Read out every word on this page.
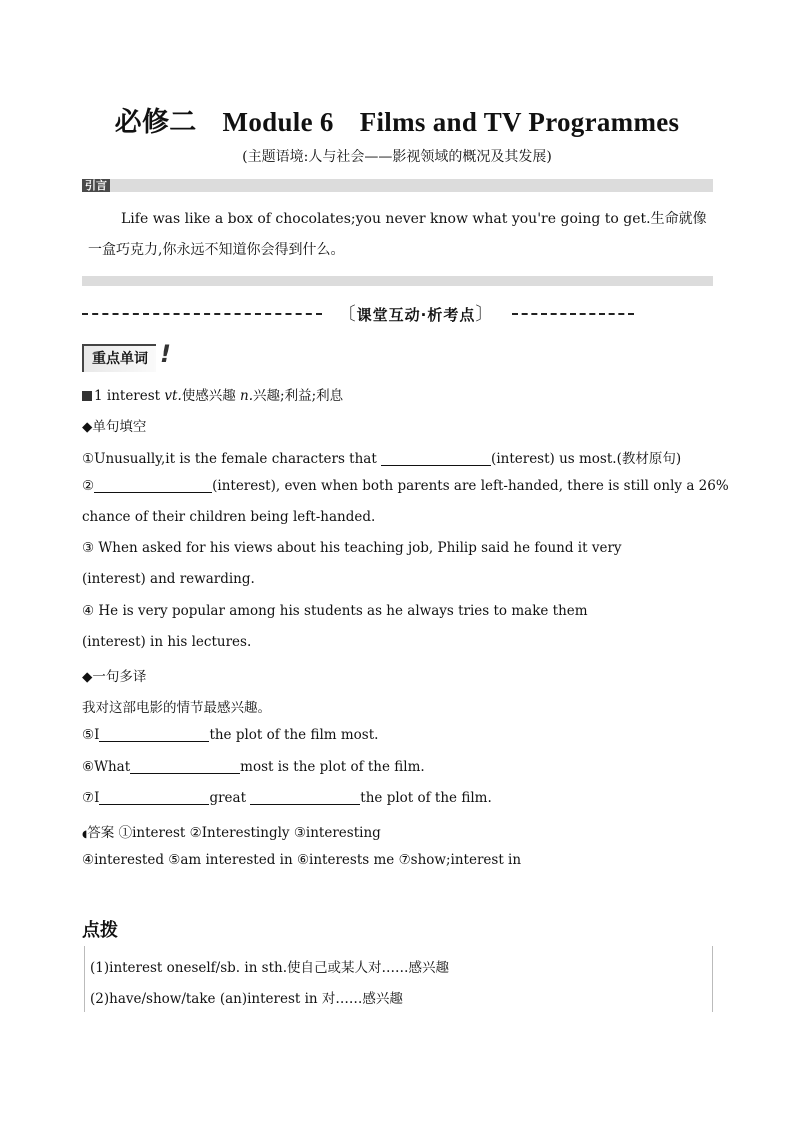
必修二 Module 6 Films and TV Programmes
(主题语境:人与社会——影视领域的概况及其发展)
引言
Life was like a box of chocolates;you never know what you're going to get.生命就像一盒巧克力,你永远不知道你会得到什么。
〔课堂互动·析考点〕
重点单词 !
1 interest vt.使感兴趣 n.兴趣;利益;利息
◆单句填空
①Unusually,it is the female characters that	(interest) us most.(教材原句)
②	(interest), even when both parents are left-handed, there is still only a 26%
chance of their children being left-handed.
③ When asked for his views about his teaching job, Philip said he found it very
(interest) and rewarding.
④ He is very popular among his students as he always tries to make them
(interest) in his lectures.
◆一句多译
我对这部电影的情节最感兴趣。
⑤I	the plot of the film most.
⑥What	most is the plot of the film.
⑦I	great	the plot of the film.
◖答案 ①interest ②Interestingly ③interesting
④interested ⑤am interested in ⑥interests me ⑦show;interest in
点拨
(1)interest oneself/sb. in sth.使自己或某人对……感兴趣
(2)have/show/take (an)interest in 对……感兴趣
